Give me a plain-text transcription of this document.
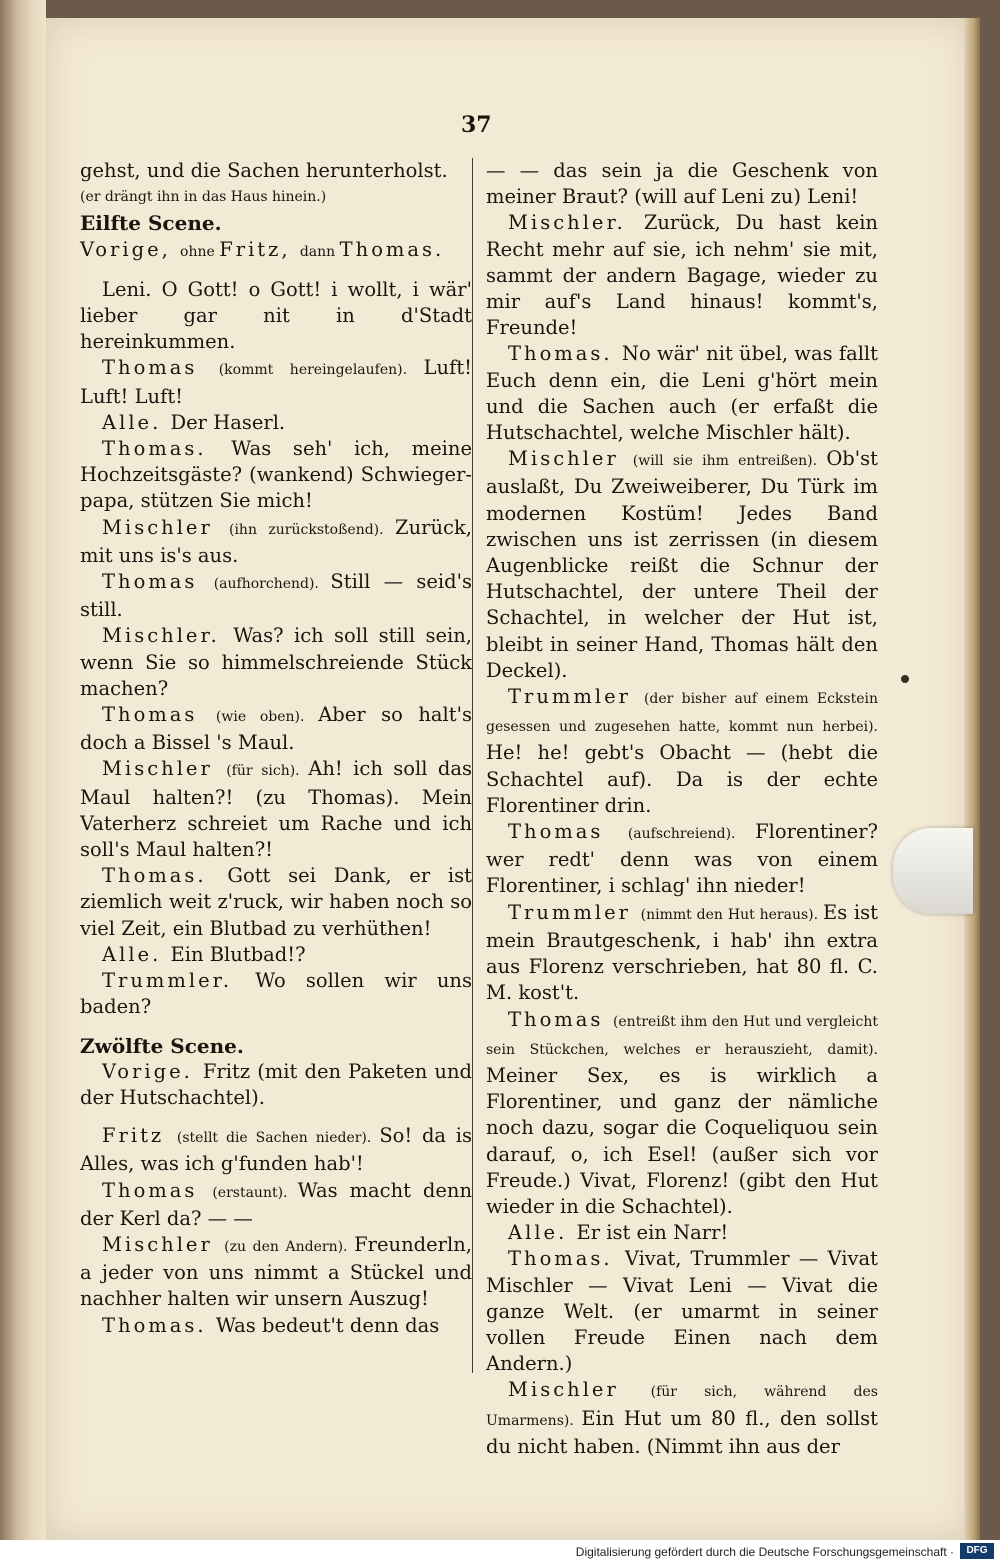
37

gehst, und die Sachen herunterholst.

(er drängt ihn in das Haus hinein.)

Eilfte Scene.

Vorige, ohne Fritz, dann Thomas.

Leni. O Gott! o Gott! i wollt, i wär' lieber gar nit in d'Stadt hereinkummen.

Thomas (kommt hereingelaufen). Luft! Luft! Luft!

Alle. Der Haserl.

Thomas. Was seh' ich, meine Hochzeitsgäste? (wankend) Schwieger-papa, stützen Sie mich!

Mischler (ihn zurückstoßend). Zurück, mit uns is's aus.

Thomas (aufhorchend). Still — seid's still.

Mischler. Was? ich soll still sein, wenn Sie so himmelschreiende Stück machen?

Thomas (wie oben). Aber so halt's doch a Bissel 's Maul.

Mischler (für sich). Ah! ich soll das Maul halten?! (zu Thomas). Mein Vaterherz schreiet um Rache und ich soll's Maul halten?!

Thomas. Gott sei Dank, er ist ziemlich weit z'ruck, wir haben noch so viel Zeit, ein Blutbad zu verhüthen!

Alle. Ein Blutbad!?

Trummler. Wo sollen wir uns baden?

Zwölfte Scene.

Vorige. Fritz (mit den Paketen und der Hutschachtel).

Fritz (stellt die Sachen nieder). So! da is Alles, was ich g'funden hab'!

Thomas (erstaunt). Was macht denn der Kerl da? — —

Mischler (zu den Andern). Freunderln, a jeder von uns nimmt a Stückel und nachher halten wir unsern Auszug!

Thomas. Was bedeut't denn das

— — das sein ja die Geschenk von meiner Braut? (will auf Leni zu) Leni!

Mischler. Zurück, Du hast kein Recht mehr auf sie, ich nehm' sie mit, sammt der andern Bagage, wieder zu mir auf's Land hinaus! kommt's, Freunde!

Thomas. No wär' nit übel, was fallt Euch denn ein, die Leni g'hört mein und die Sachen auch (er erfaßt die Hutschachtel, welche Mischler hält).

Mischler (will sie ihm entreißen). Ob'st auslaßt, Du Zweiweiberer, Du Türk im modernen Kostüm! Jedes Band zwischen uns ist zerrissen (in diesem Augenblicke reißt die Schnur der Hutschachtel, der untere Theil der Schachtel, in welcher der Hut ist, bleibt in seiner Hand, Thomas hält den Deckel).

Trummler (der bisher auf einem Eckstein gesessen und zugesehen hatte, kommt nun herbei). He! he! gebt's Obacht — (hebt die Schachtel auf). Da is der echte Florentiner drin.

Thomas (aufschreiend). Florentiner? wer redt' denn was von einem Florentiner, i schlag' ihn nieder!

Trummler (nimmt den Hut heraus). Es ist mein Brautgeschenk, i hab' ihn extra aus Florenz verschrieben, hat 80 fl. C. M. kost't.

Thomas (entreißt ihm den Hut und vergleicht sein Stückchen, welches er herauszieht, damit). Meiner Sex, es is wirklich a Florentiner, und ganz der nämliche noch dazu, sogar die Coqueliquou sein darauf, o, ich Esel! (außer sich vor Freude.) Vivat, Florenz! (gibt den Hut wieder in die Schachtel).

Alle. Er ist ein Narr!

Thomas. Vivat, Trummler — Vivat Mischler — Vivat Leni — Vivat die ganze Welt. (er umarmt in seiner vollen Freude Einen nach dem Andern.)

Mischler (für sich, während des Umarmens). Ein Hut um 80 fl., den sollst du nicht haben. (Nimmt ihn aus der

Digitalisierung gefördert durch die Deutsche Forschungsgemeinschaft ·	DFG
